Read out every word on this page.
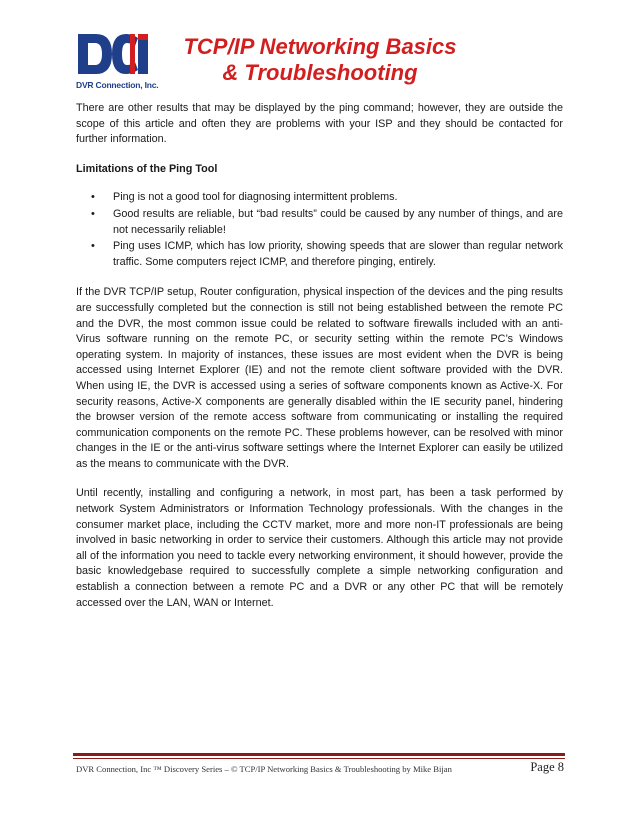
DVR Connection, Inc.
TCP/IP Networking Basics
& Troubleshooting

There are other results that may be displayed by the ping command; however, they are outside the scope of this article and often they are problems with your ISP and they should be contacted for further information.

Limitations of the Ping Tool
• Ping is not a good tool for diagnosing intermittent problems.
• Good results are reliable, but “bad results” could be caused by any number of things, and are not necessarily reliable!
• Ping uses ICMP, which has low priority, showing speeds that are slower than regular network traffic. Some computers reject ICMP, and therefore pinging, entirely.

If the DVR TCP/IP setup, Router configuration, physical inspection of the devices and the ping results are successfully completed but the connection is still not being established between the remote PC and the DVR, the most common issue could be related to software firewalls included with an anti-Virus software running on the remote PC, or security setting within the remote PC’s Windows operating system. In majority of instances, these issues are most evident when the DVR is being accessed using Internet Explorer (IE) and not the remote client software provided with the DVR. When using IE, the DVR is accessed using a series of software components known as Active-X. For security reasons, Active-X components are generally disabled within the IE security panel, hindering the browser version of the remote access software from communicating or installing the required communication components on the remote PC. These problems however, can be resolved with minor changes in the IE or the anti-virus software settings where the Internet Explorer can easily be utilized as the means to communicate with the DVR.

Until recently, installing and configuring a network, in most part, has been a task performed by network System Administrators or Information Technology professionals. With the changes in the consumer market place, including the CCTV market, more and more non-IT professionals are being involved in basic networking in order to service their customers. Although this article may not provide all of the information you need to tackle every networking environment, it should however, provide the basic knowledgebase required to successfully complete a simple networking configuration and establish a connection between a remote PC and a DVR or any other PC that will be remotely accessed over the LAN, WAN or Internet.

DVR Connection, Inc ™ Discovery Series – © TCP/IP Networking Basics & Troubleshooting by Mike Bijan	Page 8
